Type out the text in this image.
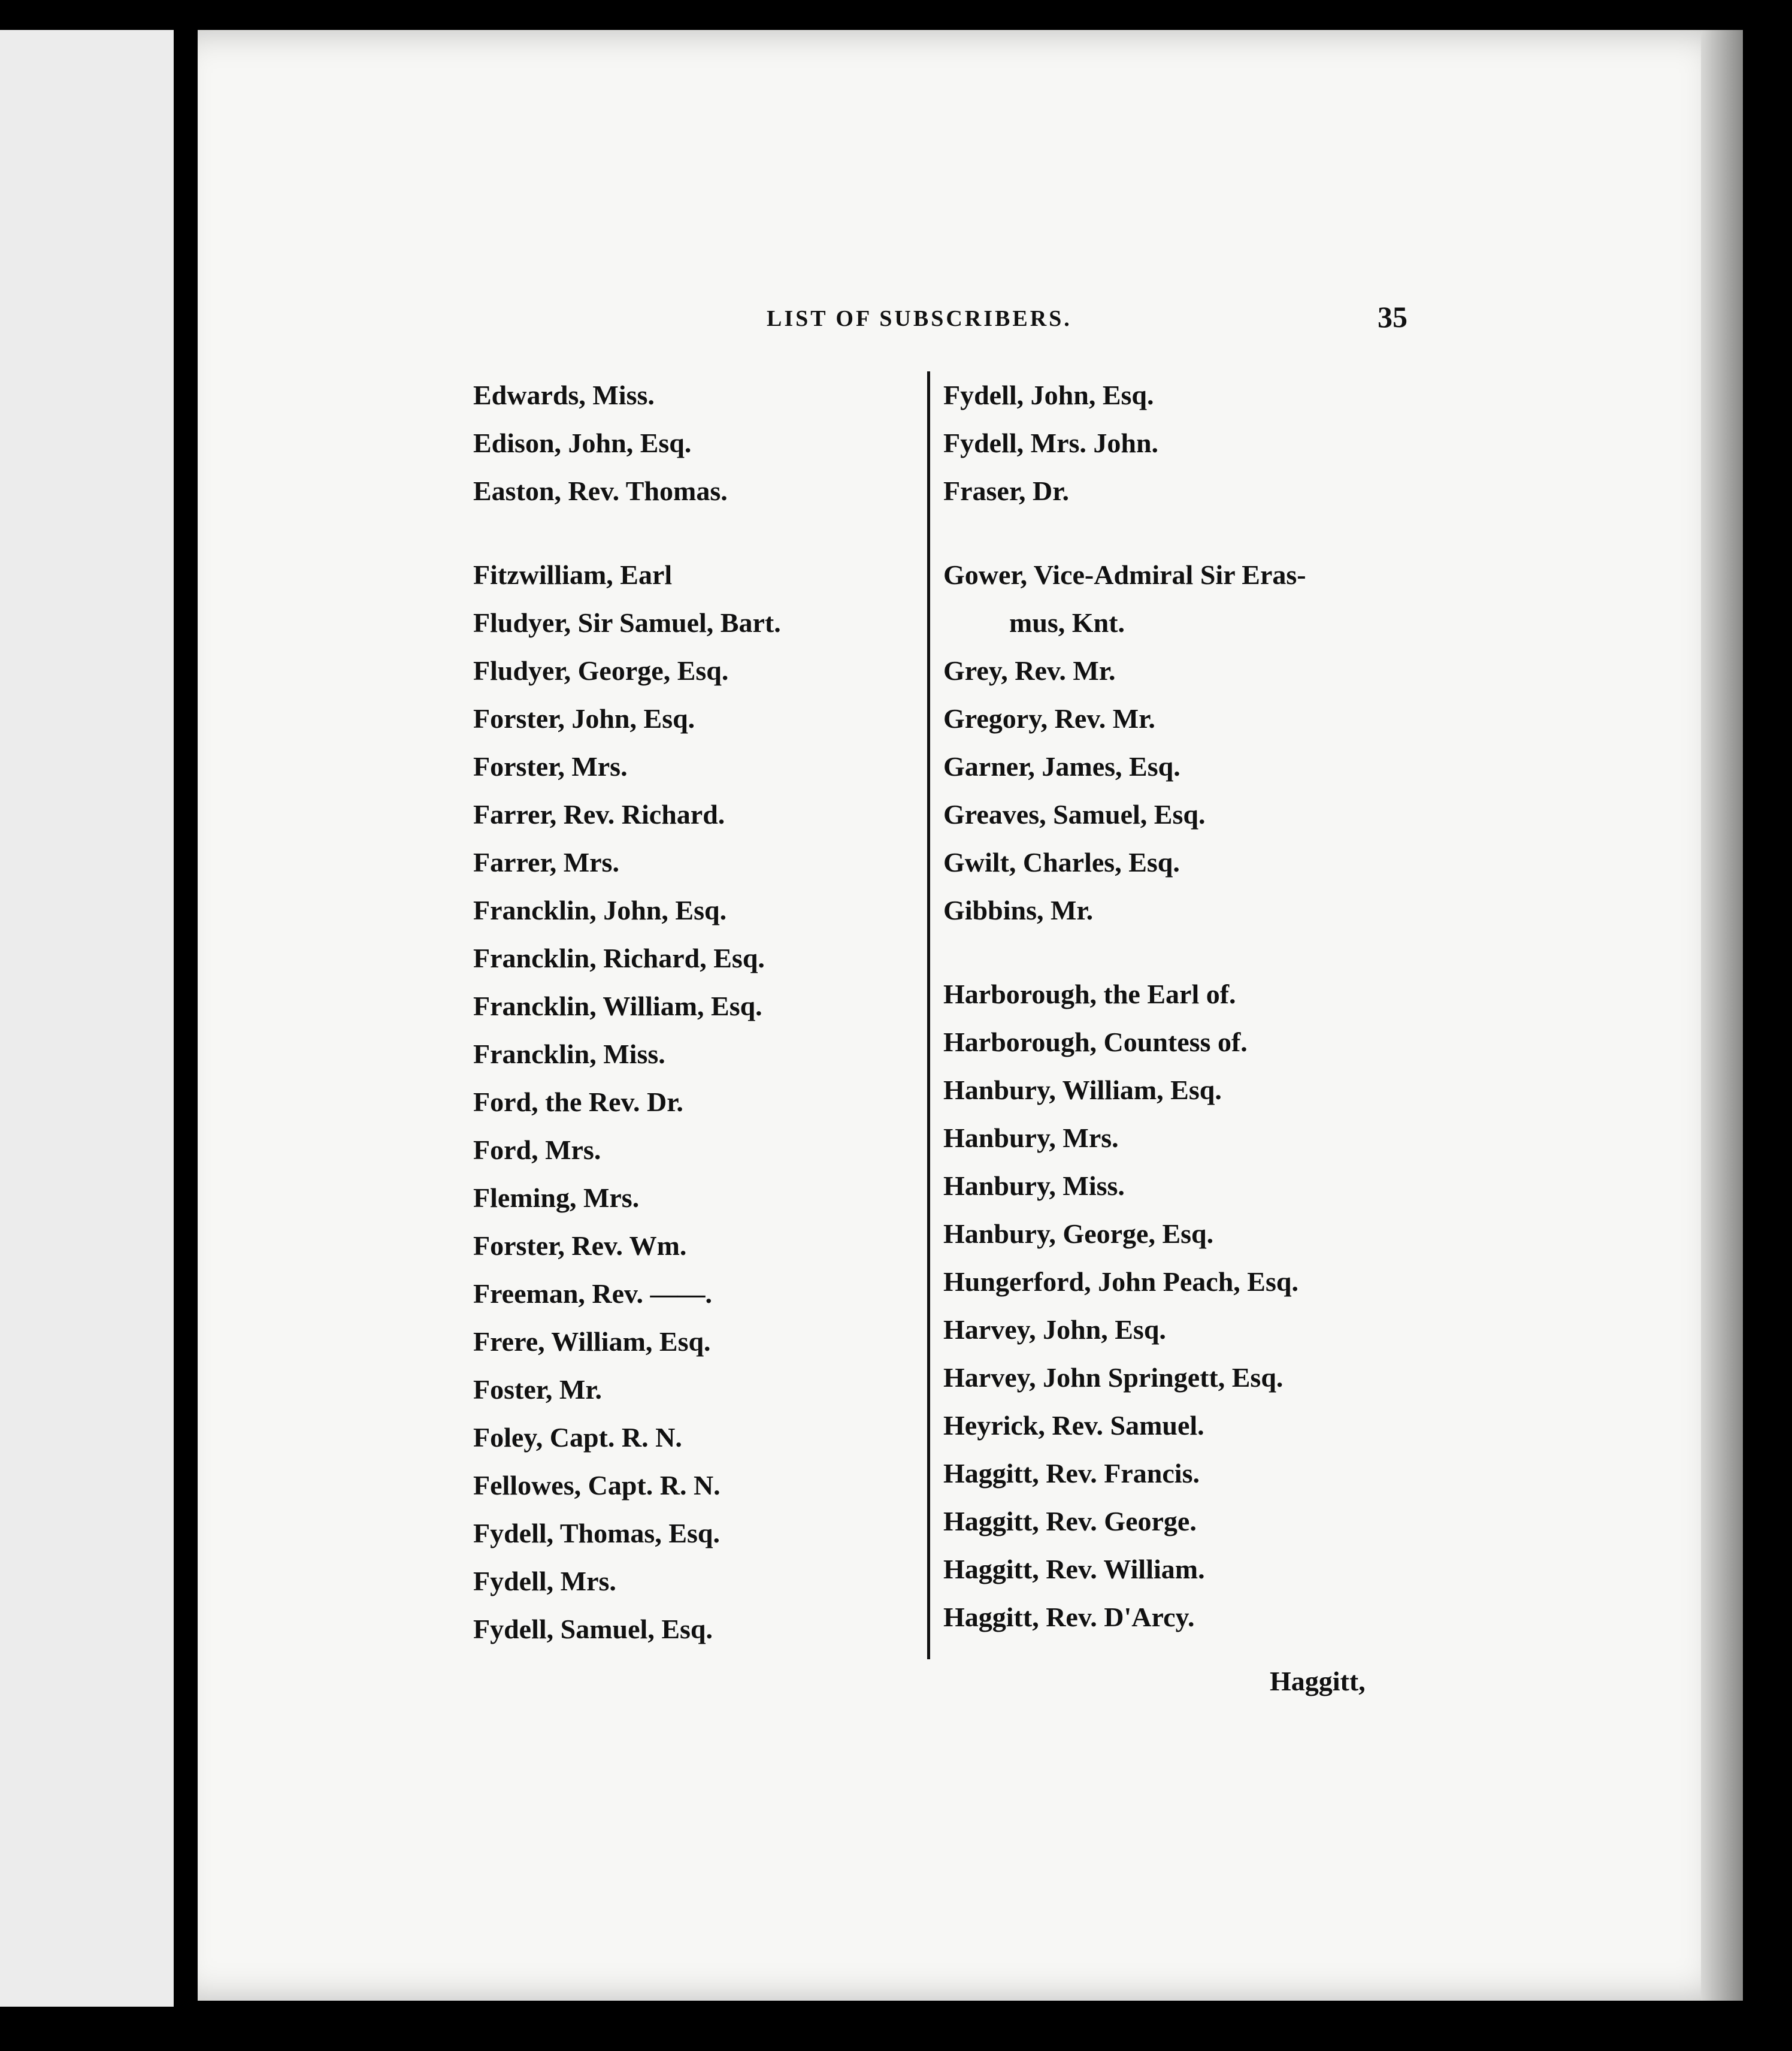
LIST OF SUBSCRIBERS.	35
Edwards, Miss.
Edison, John, Esq.
Easton, Rev. Thomas.
Fitzwilliam, Earl
Fludyer, Sir Samuel, Bart.
Fludyer, George, Esq.
Forster, John, Esq.
Forster, Mrs.
Farrer, Rev. Richard.
Farrer, Mrs.
Francklin, John, Esq.
Francklin, Richard, Esq.
Francklin, William, Esq.
Francklin, Miss.
Ford, the Rev. Dr.
Ford, Mrs.
Fleming, Mrs.
Forster, Rev. Wm.
Freeman, Rev. ——.
Frere, William, Esq.
Foster, Mr.
Foley, Capt. R. N.
Fellowes, Capt. R. N.
Fydell, Thomas, Esq.
Fydell, Mrs.
Fydell, Samuel, Esq.
Fydell, John, Esq.
Fydell, Mrs. John.
Fraser, Dr.
Gower, Vice-Admiral Sir Eras-
mus, Knt.
Grey, Rev. Mr.
Gregory, Rev. Mr.
Garner, James, Esq.
Greaves, Samuel, Esq.
Gwilt, Charles, Esq.
Gibbins, Mr.
Harborough, the Earl of.
Harborough, Countess of.
Hanbury, William, Esq.
Hanbury, Mrs.
Hanbury, Miss.
Hanbury, George, Esq.
Hungerford, John Peach, Esq.
Harvey, John, Esq.
Harvey, John Springett, Esq.
Heyrick, Rev. Samuel.
Haggitt, Rev. Francis.
Haggitt, Rev. George.
Haggitt, Rev. William.
Haggitt, Rev. D'Arcy.
Haggitt,
